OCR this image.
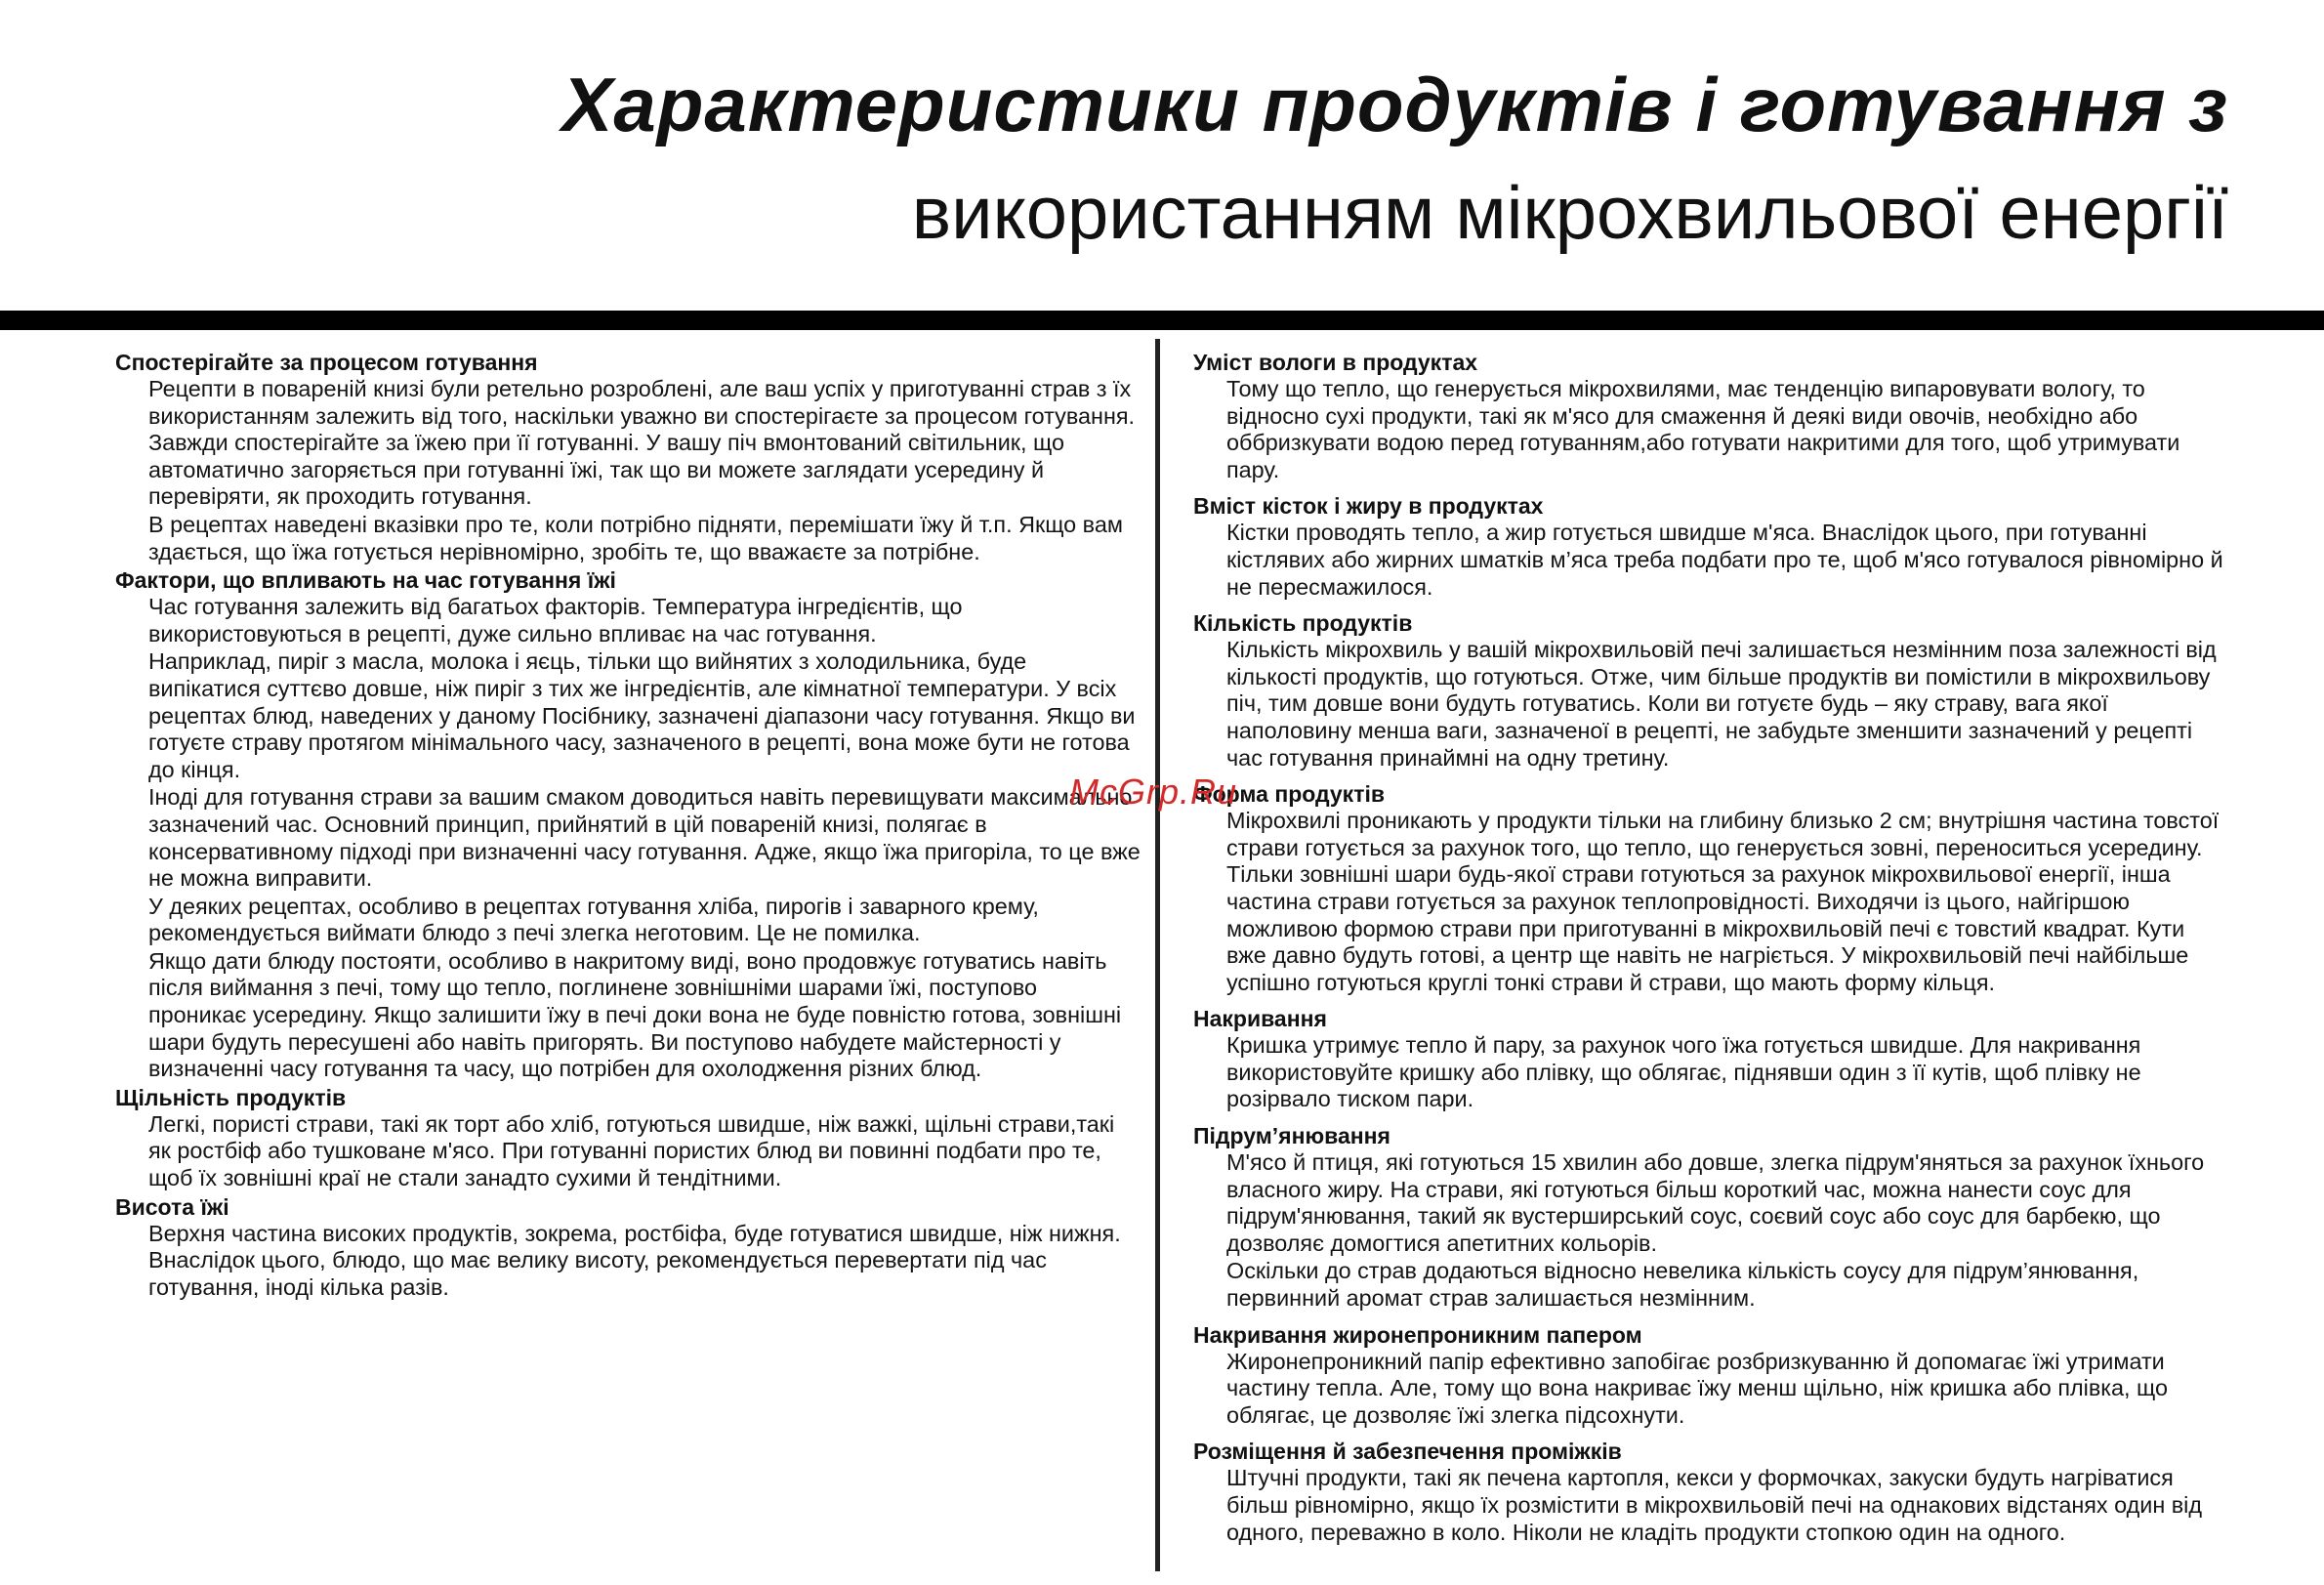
Характеристики продуктів і готування з
використанням мікрохвильової енергії
Спостерігайте за процесом готування

Рецепти в повареній книзі були ретельно розроблені, але ваш успіх у приготуванні страв з їх використанням залежить від того, наскільки уважно ви спостерігаєте за процесом готування. Завжди спостерігайте за їжею при її готуванні. У вашу піч вмонтований світильник, що автоматично загоряється при готуванні їжі, так що ви можете заглядати усередину й перевіряти, як проходить готування.

В рецептах наведені вказівки про те, коли потрібно підняти, перемішати їжу й т.п. Якщо вам здається, що їжа готується нерівномірно, зробіть те, що вважаєте за потрібне.

Фактори, що впливають на час готування їжі

Час готування залежить від багатьох факторів. Температура інгредієнтів, що використовуються в рецепті, дуже сильно впливає на час готування.

Наприклад, пиріг з масла, молока і яєць, тільки що вийнятих з холодильника, буде випікатися суттєво довше, ніж пиріг з тих же інгредієнтів, але кімнатної температури. У всіх рецептах блюд, наведених у даному Посібнику, зазначені діапазони часу готування. Якщо ви готуєте страву протягом мінімального часу, зазначеного в рецепті, вона може бути не готова до кінця.

Іноді для готування страви за вашим смаком доводиться навіть перевищувати максимально зазначений час. Основний принцип, прийнятий в цій повареній книзі, полягає в консервативному підході при визначенні часу готування. Адже, якщо їжа пригоріла, то це вже не можна виправити.

У деяких рецептах, особливо в рецептах готування хліба, пирогів і заварного крему, рекомендується виймати блюдо з печі злегка неготовим. Це не помилка.

Якщо дати блюду постояти, особливо в накритому виді, воно продовжує готуватись навіть після виймання з печі, тому що тепло, поглинене зовнішніми шарами їжі, поступово проникає усередину. Якщо залишити їжу в печі доки вона не буде повністю готова, зовнішні шари будуть пересушені або навіть пригорять. Ви поступово набудете майстерності у визначенні часу готування та часу, що потрібен для охолодження різних блюд.

Щільність продуктів

Легкі, пористі страви, такі як торт або хліб, готуються швидше, ніж важкі, щільні страви,такі як ростбіф або тушковане м'ясо. При готуванні пористих блюд ви повинні подбати про те, щоб їх зовнішні краї не стали занадто сухими й тендітними.

Висота їжі

Верхня частина високих продуктів, зокрема, ростбіфа, буде готуватися швидше, ніж нижня. Внаслідок цього, блюдо, що має велику висоту, рекомендується перевертати під час готування, іноді кілька разів.

Уміст вологи в продуктах

Тому що тепло, що генерується мікрохвилями, має тенденцію випаровувати вологу, то відносно сухі продукти, такі як м'ясо для смаження й деякі види овочів, необхідно або оббризкувати водою перед готуванням,або готувати накритими для того, щоб утримувати пару.

Вміст кісток і жиру в продуктах

Кістки проводять тепло, а жир готується швидше м'яса. Внаслідок цього, при готуванні кістлявих або жирних шматків м’яса треба подбати про те, щоб м'ясо готувалося рівномірно й не пересмажилося.

Кількість продуктів

Кількість мікрохвиль у вашій мікрохвильовій печі залишається незмінним поза залежності від кількості продуктів, що готуються. Отже, чим більше продуктів ви помістили в мікрохвильову піч, тим довше вони будуть готуватись. Коли ви готуєте будь – яку страву, вага якої наполовину менша ваги, зазначеної в рецепті, не забудьте зменшити зазначений у рецепті час готування принаймні на одну третину.

Форма продуктів

Мікрохвилі проникають у продукти тільки на глибину близько 2 см; внутрішня частина товстої страви готується за рахунок того, що тепло, що генерується зовні, переноситься усередину. Тільки зовнішні шари будь-якої страви готуються за рахунок мікрохвильової енергії, інша частина страви готується за рахунок теплопровідності. Виходячи із цього, найгіршою можливою формою страви при приготуванні в мікрохвильовій печі є товстий квадрат. Кути вже давно будуть готові, а центр ще навіть не нагріється. У мікрохвильовій печі найбільше успішно готуються круглі тонкі страви й страви, що мають форму кільця.

Накривання

Кришка утримує тепло й пару, за рахунок чого їжа готується швидше. Для накривання використовуйте кришку або плівку, що облягає, піднявши один з її кутів, щоб плівку не розірвало тиском пари.

Підрум’янювання

М'ясо й птиця, які готуються 15 хвилин або довше, злегка підрум'яняться за рахунок їхнього власного жиру. На страви, які готуються більш короткий час, можна нанести соус для підрум'янювання, такий як вустерширський соус, соєвий соус або соус для барбекю, що дозволяє домогтися апетитних кольорів.

Оскільки до страв додаються відносно невелика кількість соусу для підрум’янювання, первинний аромат страв залишається незмінним.

Накривання жиронепроникним папером

Жиронепроникний папір ефективно запобігає розбризкуванню й допомагає їжі утримати частину тепла. Але, тому що вона накриває їжу менш щільно, ніж кришка або плівка, що облягає, це дозволяє їжі злегка підсохнути.

Розміщення й забезпечення проміжків

Штучні продукти, такі як печена картопля, кекси у формочках, закуски будуть нагріватися більш рівномірно, якщо їх розмістити в мікрохвильовій печі на однакових відстанях один від одного, переважно в коло. Ніколи не кладіть продукти стопкою один на одного.

McGrp.Ru
